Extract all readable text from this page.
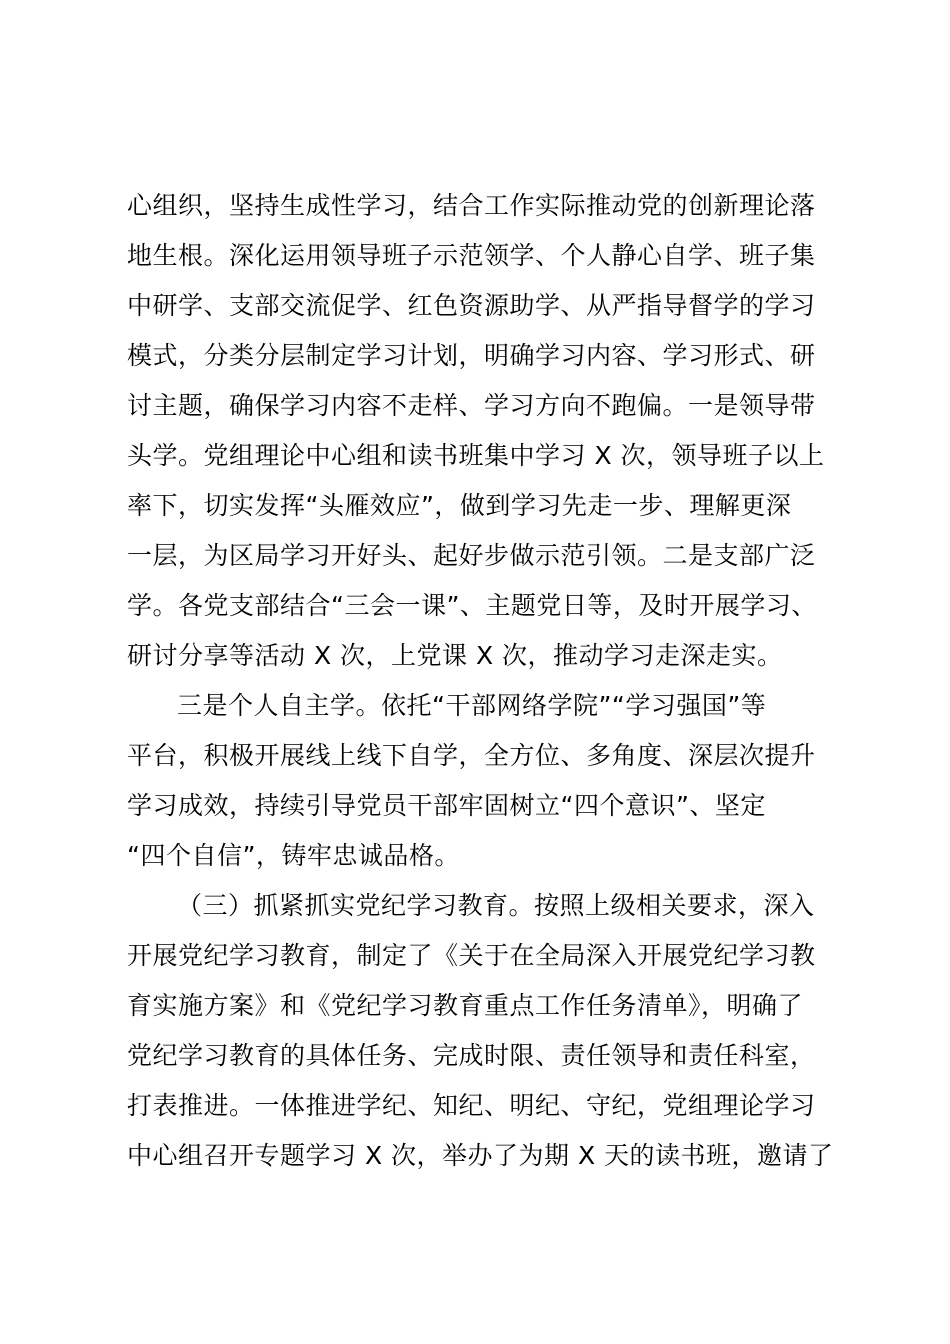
心组织，坚持生成性学习，结合工作实际推动党的创新理论落
地生根。深化运用领导班子示范领学、个人静心自学、班子集
中研学、支部交流促学、红色资源助学、从严指导督学的学习
模式，分类分层制定学习计划，明确学习内容、学习形式、研
讨主题，确保学习内容不走样、学习方向不跑偏。一是领导带
头学。党组理论中心组和读书班集中学习 X 次，领导班子以上
率下，切实发挥“头雁效应”，做到学习先走一步、理解更深
一层，为区局学习开好头、起好步做示范引领。二是支部广泛
学。各党支部结合“三会一课”、主题党日等，及时开展学习、
研讨分享等活动 X 次，上党课 X 次，推动学习走深走实。
三是个人自主学。依托“干部网络学院”“学习强国”等
平台，积极开展线上线下自学，全方位、多角度、深层次提升
学习成效，持续引导党员干部牢固树立“四个意识”、坚定
“四个自信”，铸牢忠诚品格。
（三）抓紧抓实党纪学习教育。按照上级相关要求，深入
开展党纪学习教育，制定了《关于在全局深入开展党纪学习教
育实施方案》和《党纪学习教育重点工作任务清单》，明确了
党纪学习教育的具体任务、完成时限、责任领导和责任科室，
打表推进。一体推进学纪、知纪、明纪、守纪，党组理论学习
中心组召开专题学习 X 次，举办了为期 X 天的读书班，邀请了
